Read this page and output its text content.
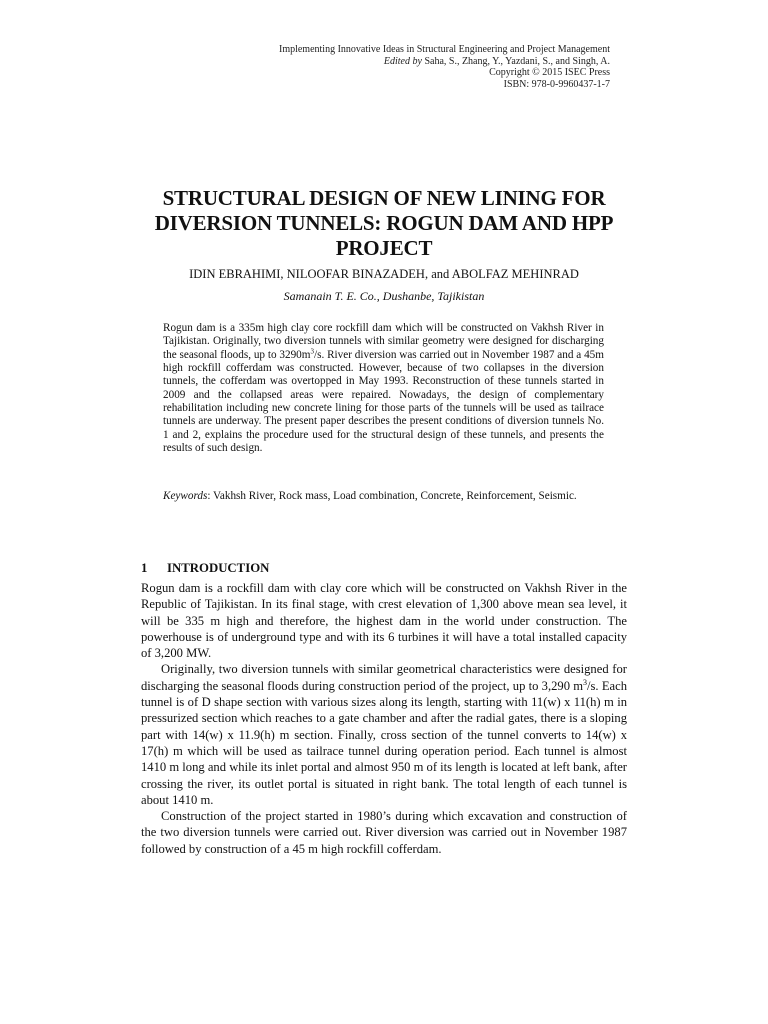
Implementing Innovative Ideas in Structural Engineering and Project Management
Edited by Saha, S., Zhang, Y., Yazdani, S., and Singh, A.
Copyright © 2015 ISEC Press
ISBN: 978-0-9960437-1-7
STRUCTURAL DESIGN OF NEW LINING FOR
DIVERSION TUNNELS: ROGUN DAM AND HPP
PROJECT
IDIN EBRAHIMI, NILOOFAR BINAZADEH, and ABOLFAZ MEHINRAD
Samanain T. E. Co., Dushanbe, Tajikistan
Rogun dam is a 335m high clay core rockfill dam which will be constructed on Vakhsh River in Tajikistan. Originally, two diversion tunnels with similar geometry were designed for discharging the seasonal floods, up to $3290m^3/s$. River diversion was carried out in November 1987 and a 45m high rockfill cofferdam was constructed. However, because of two collapses in the diversion tunnels, the cofferdam was overtopped in May 1993. Reconstruction of these tunnels started in 2009 and the collapsed areas were repaired. Nowadays, the design of complementary rehabilitation including new concrete lining for those parts of the tunnels will be used as tailrace tunnels are underway. The present paper describes the present conditions of diversion tunnels No. 1 and 2, explains the procedure used for the structural design of these tunnels, and presents the results of such design.
Keywords: Vakhsh River, Rock mass, Load combination, Concrete, Reinforcement, Seismic.
1 INTRODUCTION

Rogun dam is a rockfill dam with clay core which will be constructed on Vakhsh River in the Republic of Tajikistan. In its final stage, with crest elevation of 1,300 above mean sea level, it will be 335 m high and therefore, the highest dam in the world under construction. The powerhouse is of underground type and with its 6 turbines it will have a total installed capacity of 3,200 MW.

Originally, two diversion tunnels with similar geometrical characteristics were designed for discharging the seasonal floods during construction period of the project, up to 3,290 $m^3/s$. Each tunnel is of D shape section with various sizes along its length, starting with 11(w) x 11(h) m in pressurized section which reaches to a gate chamber and after the radial gates, there is a sloping part with 14(w) x 11.9(h) m section. Finally, cross section of the tunnel converts to 14(w) x 17(h) m which will be used as tailrace tunnel during operation period. Each tunnel is almost 1410 m long and while its inlet portal and almost 950 m of its length is located at left bank, after crossing the river, its outlet portal is situated in right bank. The total length of each tunnel is about 1410 m.

Construction of the project started in 1980’s during which excavation and construction of the two diversion tunnels were carried out. River diversion was carried out in November 1987 followed by construction of a 45 m high rockfill cofferdam.
